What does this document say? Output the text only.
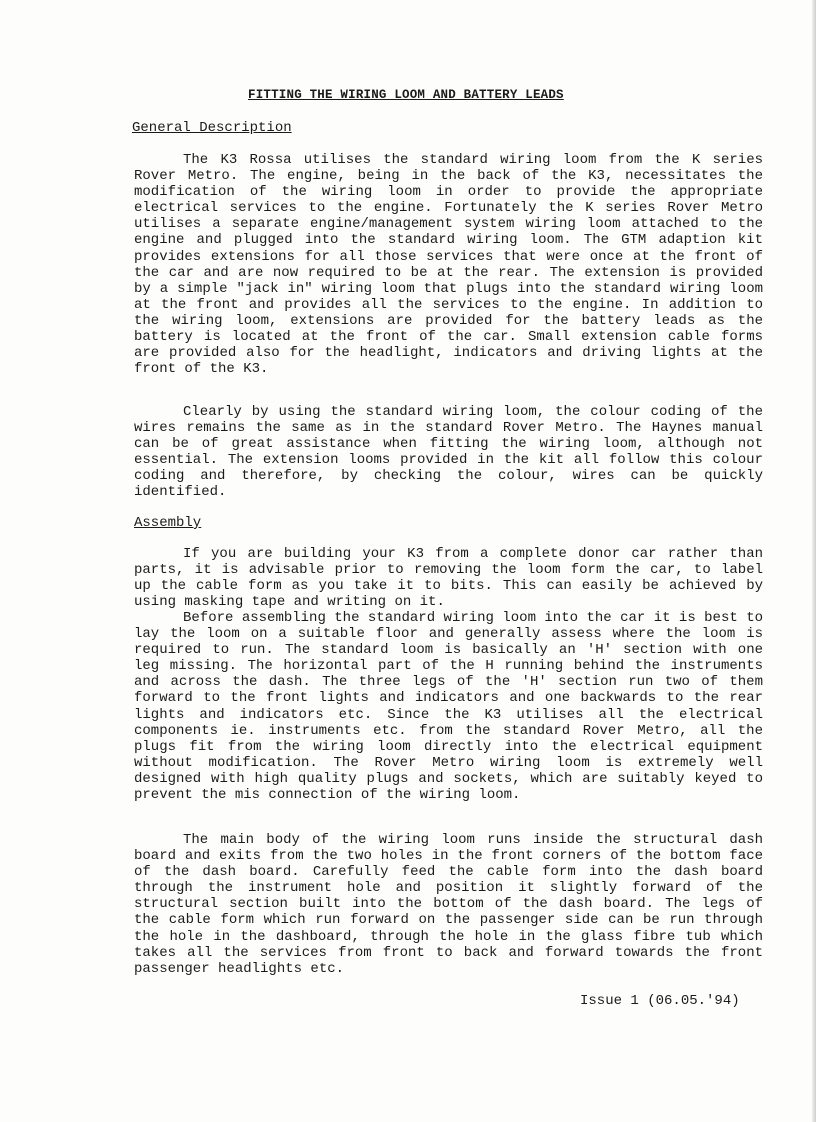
FITTING THE WIRING LOOM AND BATTERY LEADS
General Description

The K3 Rossa utilises the standard wiring loom from the K series Rover Metro. The engine, being in the back of the K3, necessitates the modification of the wiring loom in order to provide the appropriate electrical services to the engine. Fortunately the K series Rover Metro utilises a separate engine/management system wiring loom attached to the engine and plugged into the standard wiring loom. The GTM adaption kit provides extensions for all those services that were once at the front of the car and are now required to be at the rear. The extension is provided by a simple "jack in" wiring loom that plugs into the standard wiring loom at the front and provides all the services to the engine. In addition to the wiring loom, extensions are provided for the battery leads as the battery is located at the front of the car. Small extension cable forms are provided also for the headlight, indicators and driving lights at the front of the K3.

Clearly by using the standard wiring loom, the colour coding of the wires remains the same as in the standard Rover Metro. The Haynes manual can be of great assistance when fitting the wiring loom, although not essential. The extension looms provided in the kit all follow this colour coding and therefore, by checking the colour, wires can be quickly identified.

Assembly

If you are building your K3 from a complete donor car rather than parts, it is advisable prior to removing the loom form the car, to label up the cable form as you take it to bits. This can easily be achieved by using masking tape and writing on it.

Before assembling the standard wiring loom into the car it is best to lay the loom on a suitable floor and generally assess where the loom is required to run. The standard loom is basically an 'H' section with one leg missing. The horizontal part of the H running behind the instruments and across the dash. The three legs of the 'H' section run two of them forward to the front lights and indicators and one backwards to the rear lights and indicators etc. Since the K3 utilises all the electrical components ie. instruments etc. from the standard Rover Metro, all the plugs fit from the wiring loom directly into the electrical equipment without modification. The Rover Metro wiring loom is extremely well designed with high quality plugs and sockets, which are suitably keyed to prevent the mis connection of the wiring loom.

The main body of the wiring loom runs inside the structural dash board and exits from the two holes in the front corners of the bottom face of the dash board. Carefully feed the cable form into the dash board through the instrument hole and position it slightly forward of the structural section built into the bottom of the dash board. The legs of the cable form which run forward on the passenger side can be run through the hole in the dashboard, through the hole in the glass fibre tub which takes all the services from front to back and forward towards the front passenger headlights etc.

Issue 1 (06.05.'94)
